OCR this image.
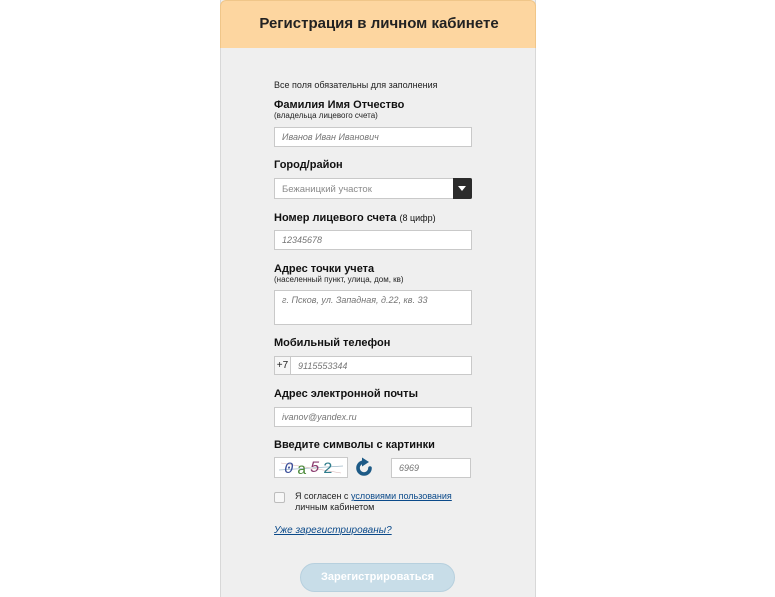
Регистрация в личном кабинете
Все поля обязательны для заполнения
Фамилия Имя Отчество
(владельца лицевого счета)
Иванов Иван Иванович
Город/район
Бежаницкий участок
Номер лицевого счета (8 цифр)
12345678
Адрес точки учета
(населенный пункт, улица, дом, кв)
г. Псков, ул. Западная, д.22, кв. 33
Мобильный телефон
+7
9115553344
Адрес электронной почты
ivanov@yandex.ru
Введите символы с картинки
0 a 5 2
6969
Я согласен с условиями пользования
личным кабинетом
Уже зарегистрированы?
Зарегистрироваться
